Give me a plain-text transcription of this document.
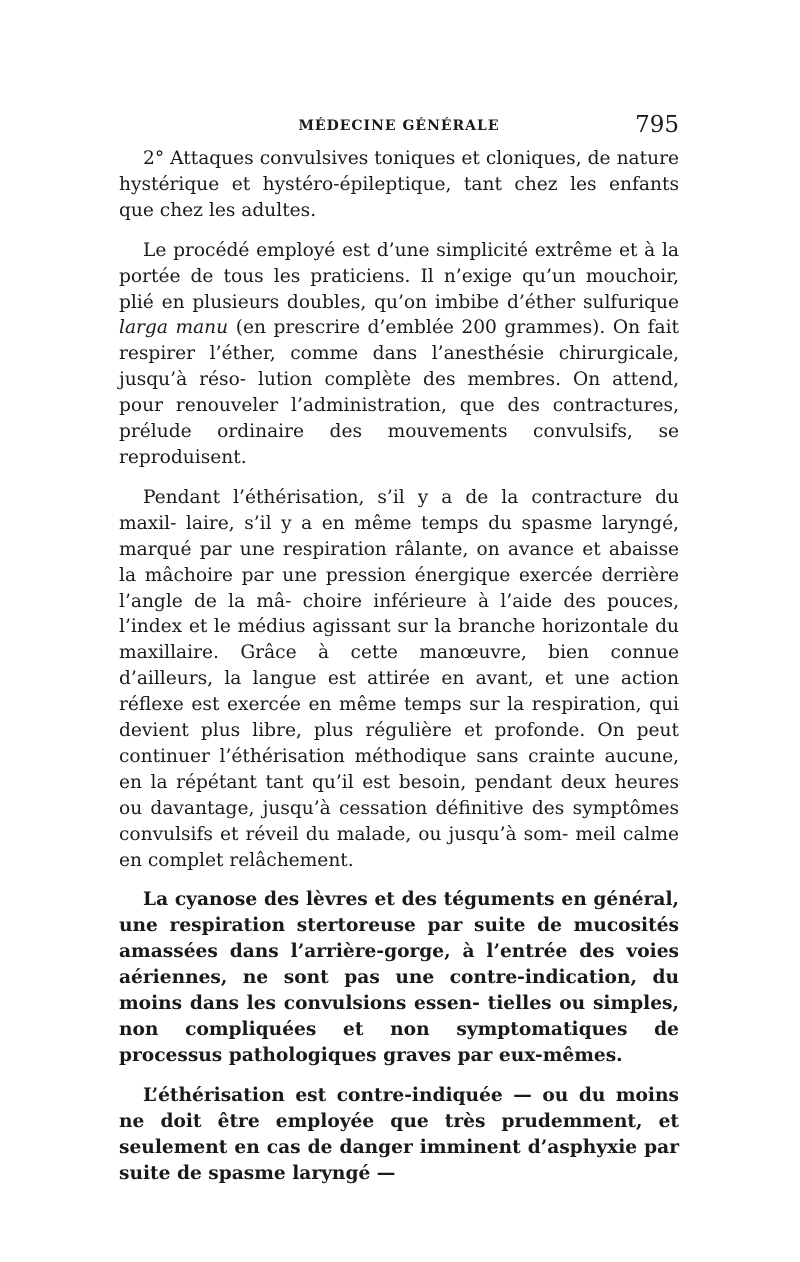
MÉDECINE GÉNÉRALE	795

2° Attaques convulsives toniques et cloniques, de nature hystérique et hystéro-épileptique, tant chez les enfants que chez les adultes.

Le procédé employé est d’une simplicité extrême et à la portée de tous les praticiens. Il n’exige qu’un mouchoir, plié en plusieurs doubles, qu’on imbibe d’éther sulfurique larga manu (en prescrire d’emblée 200 grammes). On fait respirer l’éther, comme dans l’anesthésie chirurgicale, jusqu’à réso- lution complète des membres. On attend, pour renouveler l’administration, que des contractures, prélude ordinaire des mouvements convulsifs, se reproduisent.

Pendant l’éthérisation, s’il y a de la contracture du maxil- laire, s’il y a en même temps du spasme laryngé, marqué par une respiration râlante, on avance et abaisse la mâchoire par une pression énergique exercée derrière l’angle de la mâ- choire inférieure à l’aide des pouces, l’index et le médius agissant sur la branche horizontale du maxillaire. Grâce à cette manœuvre, bien connue d’ailleurs, la langue est attirée en avant, et une action réflexe est exercée en même temps sur la respiration, qui devient plus libre, plus régulière et profonde. On peut continuer l’éthérisation méthodique sans crainte aucune, en la répétant tant qu’il est besoin, pendant deux heures ou davantage, jusqu’à cessation définitive des symptômes convulsifs et réveil du malade, ou jusqu’à som- meil calme en complet relâchement.

La cyanose des lèvres et des téguments en général, une respiration stertoreuse par suite de mucosités amassées dans l’arrière-gorge, à l’entrée des voies aériennes, ne sont pas une contre-indication, du moins dans les convulsions essen- tielles ou simples, non compliquées et non symptomatiques de processus pathologiques graves par eux-mêmes.

L’éthérisation est contre-indiquée — ou du moins ne doit être employée que très prudemment, et seulement en cas de danger imminent d’asphyxie par suite de spasme laryngé —
